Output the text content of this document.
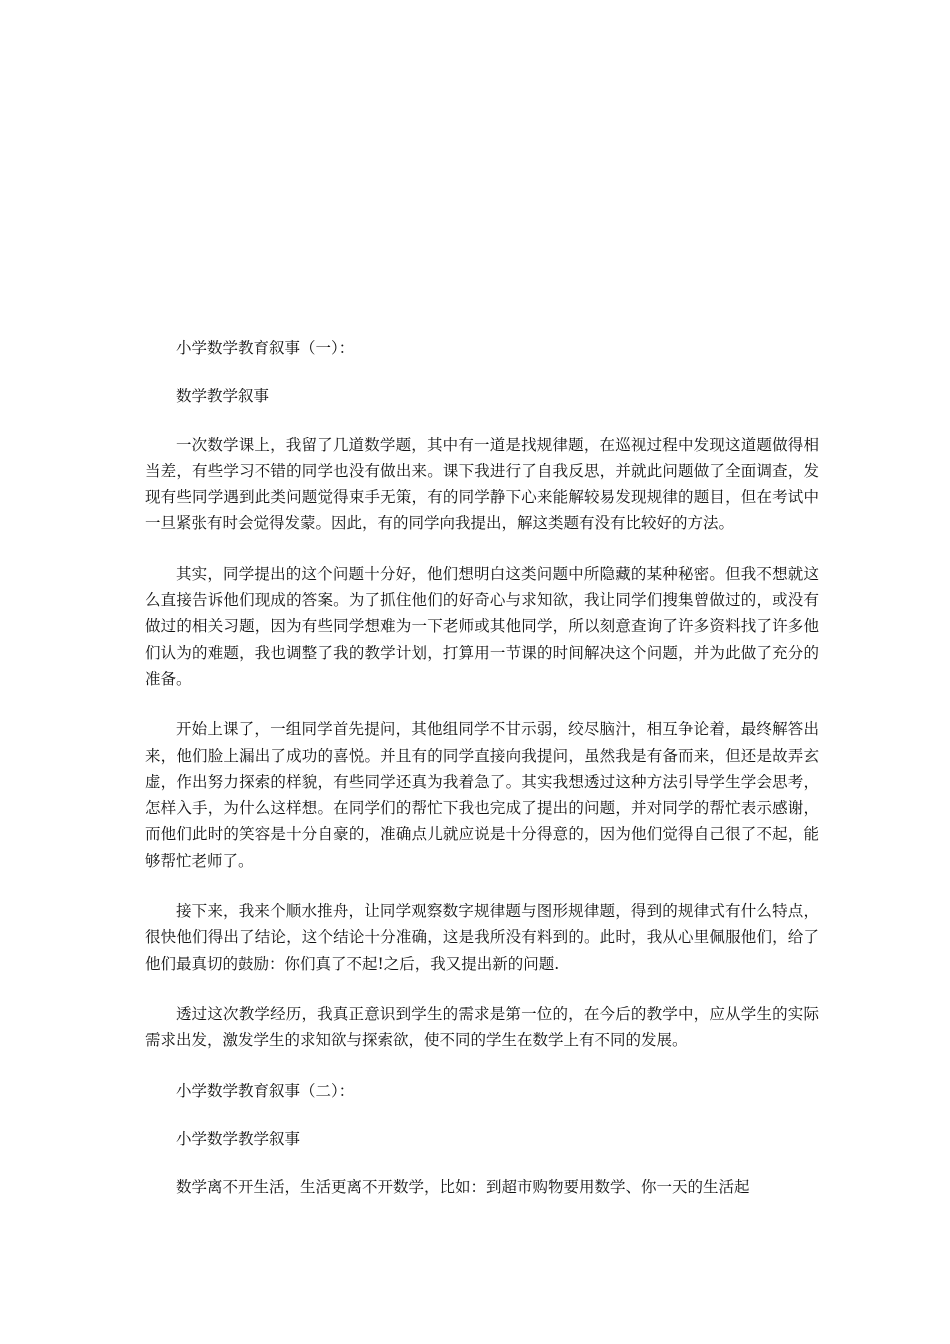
小学数学教育叙事（一）：

数学教学叙事

一次数学课上，我留了几道数学题，其中有一道是找规律题，在巡视过程中发现这道题做得相当差，有些学习不错的同学也没有做出来。课下我进行了自我反思，并就此问题做了全面调查，发现有些同学遇到此类问题觉得束手无策，有的同学静下心来能解较易发现规律的题目，但在考试中一旦紧张有时会觉得发蒙。因此，有的同学向我提出，解这类题有没有比较好的方法。

其实，同学提出的这个问题十分好，他们想明白这类问题中所隐藏的某种秘密。但我不想就这么直接告诉他们现成的答案。为了抓住他们的好奇心与求知欲，我让同学们搜集曾做过的，或没有做过的相关习题，因为有些同学想难为一下老师或其他同学，所以刻意查询了许多资料找了许多他们认为的难题，我也调整了我的教学计划，打算用一节课的时间解决这个问题，并为此做了充分的准备。

开始上课了，一组同学首先提问，其他组同学不甘示弱，绞尽脑汁，相互争论着，最终解答出来，他们脸上漏出了成功的喜悦。并且有的同学直接向我提问，虽然我是有备而来，但还是故弄玄虚，作出努力探索的样貌，有些同学还真为我着急了。其实我想透过这种方法引导学生学会思考，怎样入手，为什么这样想。在同学们的帮忙下我也完成了提出的问题，并对同学的帮忙表示感谢，而他们此时的笑容是十分自豪的，准确点儿就应说是十分得意的，因为他们觉得自己很了不起，能够帮忙老师了。

接下来，我来个顺水推舟，让同学观察数字规律题与图形规律题，得到的规律式有什么特点，很快他们得出了结论，这个结论十分准确，这是我所没有料到的。此时，我从心里佩服他们，给了他们最真切的鼓励：你们真了不起!之后，我又提出新的问题.

透过这次教学经历，我真正意识到学生的需求是第一位的，在今后的教学中，应从学生的实际需求出发，激发学生的求知欲与探索欲，使不同的学生在数学上有不同的发展。

小学数学教育叙事（二）：

小学数学教学叙事

数学离不开生活，生活更离不开数学，比如：到超市购物要用数学、你一天的生活起
